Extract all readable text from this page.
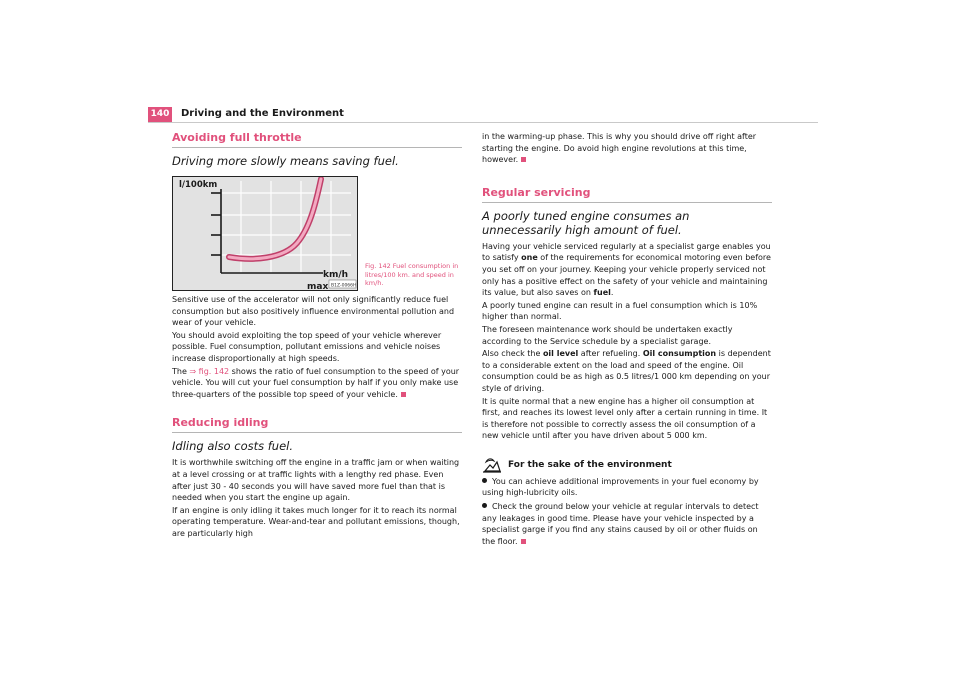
140 Driving and the Environment
Avoiding full throttle
Driving more slowly means saving fuel.
l/100km
km/h
max B1Z-0066H
Fig. 142 Fuel consumption in litres/100 km. and speed in km/h.

Sensitive use of the accelerator will not only significantly reduce fuel consumption but also positively influence environmental pollution and wear of your vehicle.

You should avoid exploiting the top speed of your vehicle wherever possible. Fuel consumption, pollutant emissions and vehicle noises increase disproportionally at high speeds.

The ⇒ fig. 142 shows the ratio of fuel consumption to the speed of your vehicle. You will cut your fuel consumption by half if you only make use three-quarters of the possible top speed of your vehicle.

Reducing idling
Idling also costs fuel.

It is worthwhile switching off the engine in a traffic jam or when waiting at a level crossing or at traffic lights with a lengthy red phase. Even after just 30 - 40 seconds you will have saved more fuel than that is needed when you start the engine up again.

If an engine is only idling it takes much longer for it to reach its normal operating temperature. Wear-and-tear and pollutant emissions, though, are particularly high

in the warming-up phase. This is why you should drive off right after starting the engine. Do avoid high engine revolutions at this time, however.

Regular servicing
A poorly tuned engine consumes an unnecessarily high amount of fuel.

Having your vehicle serviced regularly at a specialist garge enables you to satisfy one of the requirements for economical motoring even before you set off on your journey. Keeping your vehicle properly serviced not only has a positive effect on the safety of your vehicle and maintaining its value, but also saves on fuel.

A poorly tuned engine can result in a fuel consumption which is 10% higher than normal.

The foreseen maintenance work should be undertaken exactly according to the Service schedule by a specialist garage.

Also check the oil level after refueling. Oil consumption is dependent to a considerable extent on the load and speed of the engine. Oil consumption could be as high as 0.5 litres/1 000 km depending on your style of driving.

It is quite normal that a new engine has a higher oil consumption at first, and reaches its lowest level only after a certain running in time. It is therefore not possible to correctly assess the oil consumption of a new vehicle until after you have driven about 5 000 km.

For the sake of the environment

You can achieve additional improvements in your fuel economy by using high-lubricity oils.

Check the ground below your vehicle at regular intervals to detect any leakages in good time. Please have your vehicle inspected by a specialist garge if you find any stains caused by oil or other fluids on the floor.
